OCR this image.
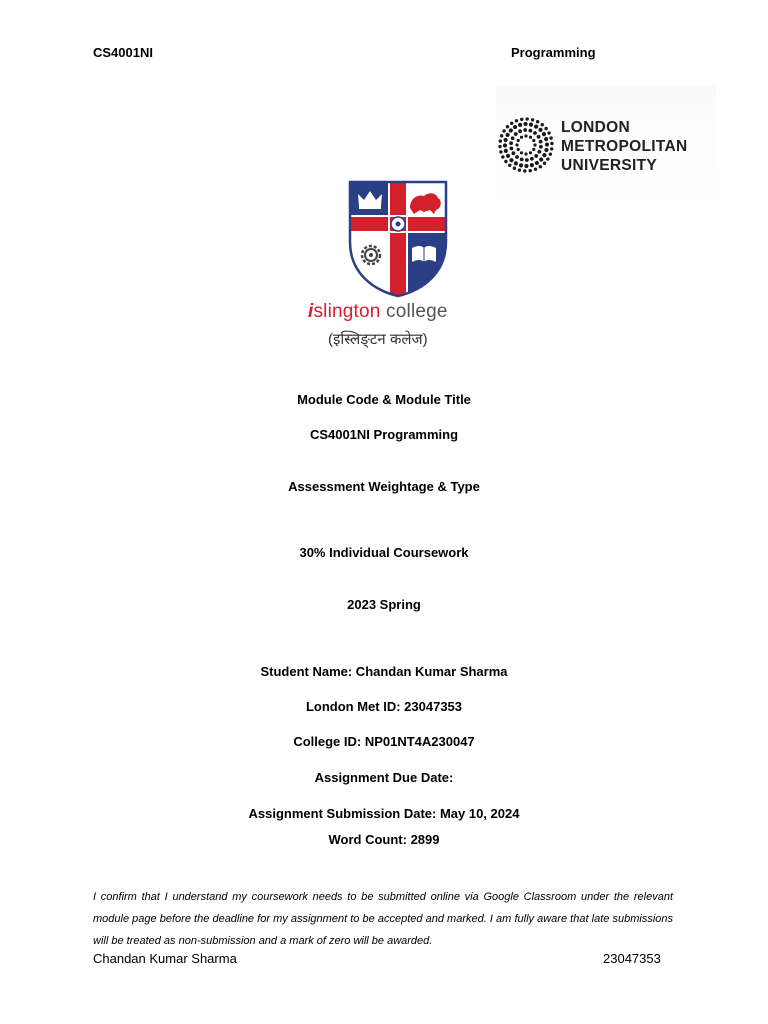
CS4001NI	Programming
LONDON
METROPOLITAN
UNIVERSITY
islington college
(इस्लिङ्टन कलेज)
Module Code & Module Title
CS4001NI Programming
Assessment Weightage & Type
30% Individual Coursework
2023 Spring
Student Name: Chandan Kumar Sharma
London Met ID: 23047353
College ID: NP01NT4A230047
Assignment Due Date:
Assignment Submission Date: May 10, 2024
Word Count: 2899
I confirm that I understand my coursework needs to be submitted online via Google Classroom under the relevant module page before the deadline for my assignment to be accepted and marked. I am fully aware that late submissions will be treated as non-submission and a mark of zero will be awarded.
Chandan Kumar Sharma	23047353
